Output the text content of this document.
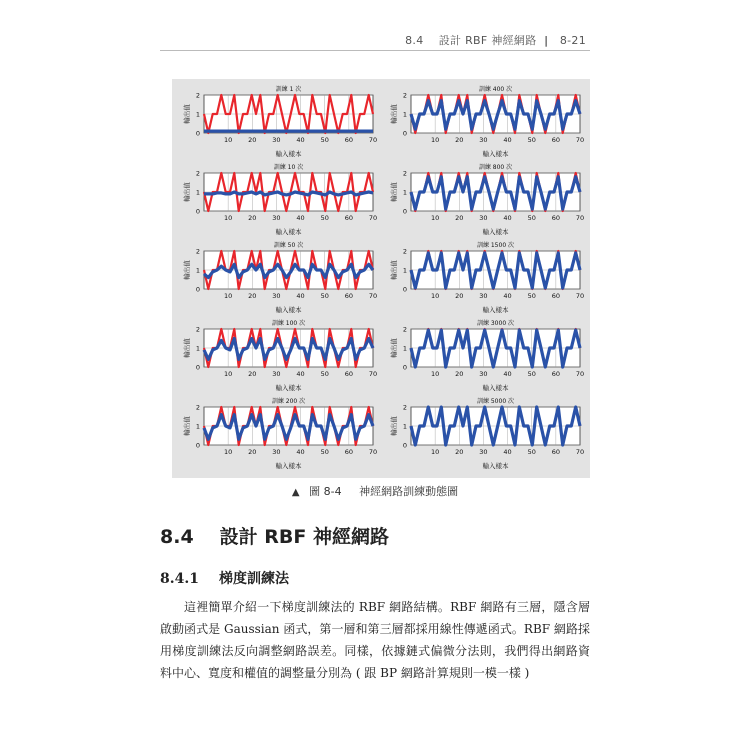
8.4 設計 RBF 神經網路 | 8-21
10 20 30 40 50 60 70
0
1
2
訓練 1 次
輸入樣本
輸出值
10 20 30 40 50 60 70
0
1
2
訓練 10 次
輸入樣本
輸出值
10 20 30 40 50 60 70
0
1
2
訓練 50 次
輸入樣本
輸出值
10 20 30 40 50 60 70
0
1
2
訓練 100 次
輸入樣本
輸出值
10 20 30 40 50 60 70
0
1
2
訓練 200 次
輸入樣本
輸出值
10 20 30 40 50 60 70
0
1
2
訓練 400 次
輸入樣本
輸出值
10 20 30 40 50 60 70
0
1
2
訓練 800 次
輸入樣本
輸出值
10 20 30 40 50 60 70
0
1
2
訓練 1500 次
輸入樣本
輸出值
10 20 30 40 50 60 70
0
1
2
訓練 3000 次
輸入樣本
輸出值
10 20 30 40 50 60 70
0
1
2
訓練 5000 次
輸入樣本
輸出值
▲ 圖 8-4 神經網路訓練動態圖
8.4 設計 RBF 神經網路
8.4.1 梯度訓練法

這裡簡單介紹一下梯度訓練法的 RBF 網路結構。RBF 網路有三層，隱含層啟動函式是 Gaussian 函式，第一層和第三層都採用線性傳遞函式。RBF 網路採用梯度訓練法反向調整網路誤差。同樣，依據鏈式偏微分法則，我們得出網路資料中心、寬度和權值的調整量分別為 ( 跟 BP 網路計算規則一模一樣 )
